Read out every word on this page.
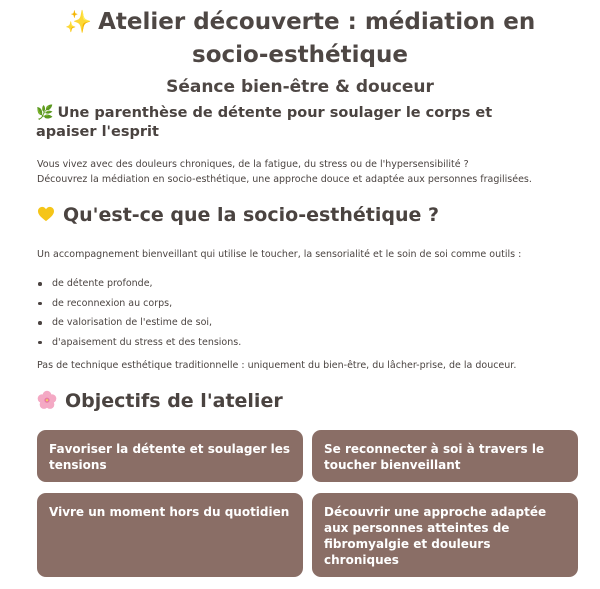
✨ Atelier découverte : médiation en
socio-esthétique
Séance bien-être & douceur
🌿 Une parenthèse de détente pour soulager le corps et
apaiser l'esprit

Vous vivez avec des douleurs chroniques, de la fatigue, du stress ou de l'hypersensibilité ?
Découvrez la médiation en socio-esthétique, une approche douce et adaptée aux personnes fragilisées.

Qu'est-ce que la socio-esthétique ?

Un accompagnement bienveillant qui utilise le toucher, la sensorialité et le soin de soi comme outils :

de détente profonde,
de reconnexion au corps,
de valorisation de l'estime de soi,
d'apaisement du stress et des tensions.

Pas de technique esthétique traditionnelle : uniquement du bien-être, du lâcher-prise, de la douceur.

Objectifs de l'atelier
Favoriser la détente et soulager les tensions
Se reconnecter à soi à travers le toucher bienveillant
Vivre un moment hors du quotidien	Découvrir une approche adaptée aux personnes atteintes de fibromyalgie et douleurs chroniques
